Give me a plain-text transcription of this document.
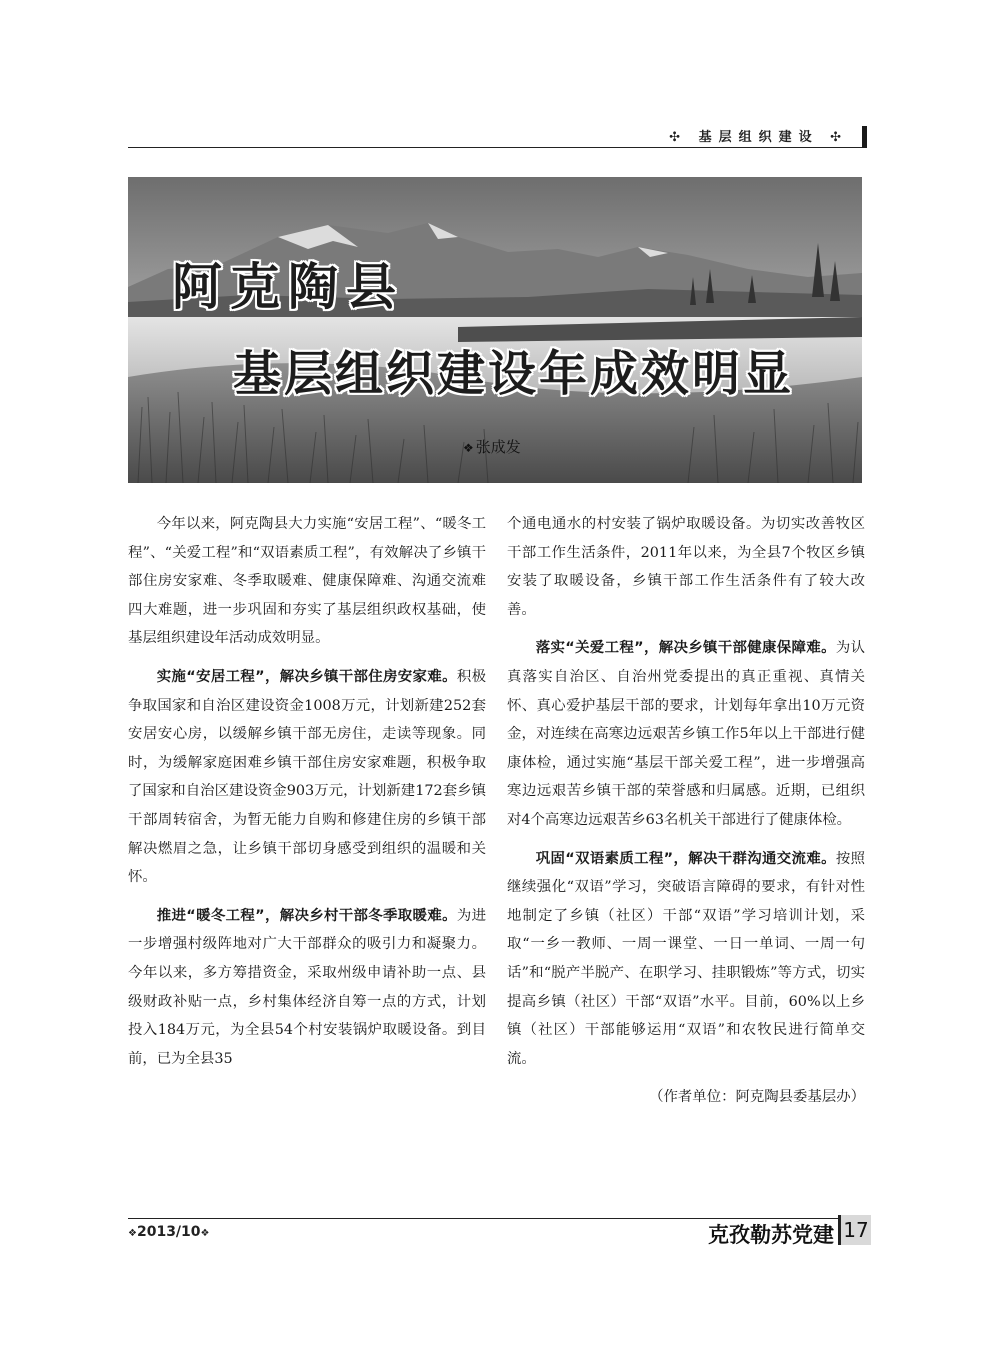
✣ 基层组织建设 ✣
阿克陶县
基层组织建设年成效明显
❖ 张成发

今年以来，阿克陶县大力实施“安居工程”、“暖冬工程”、“关爱工程”和“双语素质工程”，有效解决了乡镇干部住房安家难、冬季取暖难、健康保障难、沟通交流难四大难题，进一步巩固和夯实了基层组织政权基础，使基层组织建设年活动成效明显。

实施“安居工程”，解决乡镇干部住房安家难。积极争取国家和自治区建设资金1008万元，计划新建252套安居安心房，以缓解乡镇干部无房住，走读等现象。同时，为缓解家庭困难乡镇干部住房安家难题，积极争取了国家和自治区建设资金903万元，计划新建172套乡镇干部周转宿舍，为暂无能力自购和修建住房的乡镇干部解决燃眉之急，让乡镇干部切身感受到组织的温暖和关怀。

推进“暖冬工程”，解决乡村干部冬季取暖难。为进一步增强村级阵地对广大干部群众的吸引力和凝聚力。今年以来，多方筹措资金，采取州级申请补助一点、县级财政补贴一点，乡村集体经济自筹一点的方式，计划投入184万元，为全县54个村安装锅炉取暖设备。到目前，已为全县35

个通电通水的村安装了锅炉取暖设备。为切实改善牧区干部工作生活条件，2011年以来，为全县7个牧区乡镇安装了取暖设备，乡镇干部工作生活条件有了较大改善。

落实“关爱工程”，解决乡镇干部健康保障难。为认真落实自治区、自治州党委提出的真正重视、真情关怀、真心爱护基层干部的要求，计划每年拿出10万元资金，对连续在高寒边远艰苦乡镇工作5年以上干部进行健康体检，通过实施“基层干部关爱工程”，进一步增强高寒边远艰苦乡镇干部的荣誉感和归属感。近期，已组织对4个高寒边远艰苦乡63名机关干部进行了健康体检。

巩固“双语素质工程”，解决干群沟通交流难。按照继续强化“双语”学习，突破语言障碍的要求，有针对性地制定了乡镇（社区）干部“双语”学习培训计划，采取“一乡一教师、一周一课堂、一日一单词、一周一句话”和“脱产半脱产、在职学习、挂职锻炼”等方式，切实提高乡镇（社区）干部“双语”水平。目前，60%以上乡镇（社区）干部能够运用“双语”和农牧民进行简单交流。

（作者单位：阿克陶县委基层办）

❖2013/10❖	克孜勒苏党建 17
